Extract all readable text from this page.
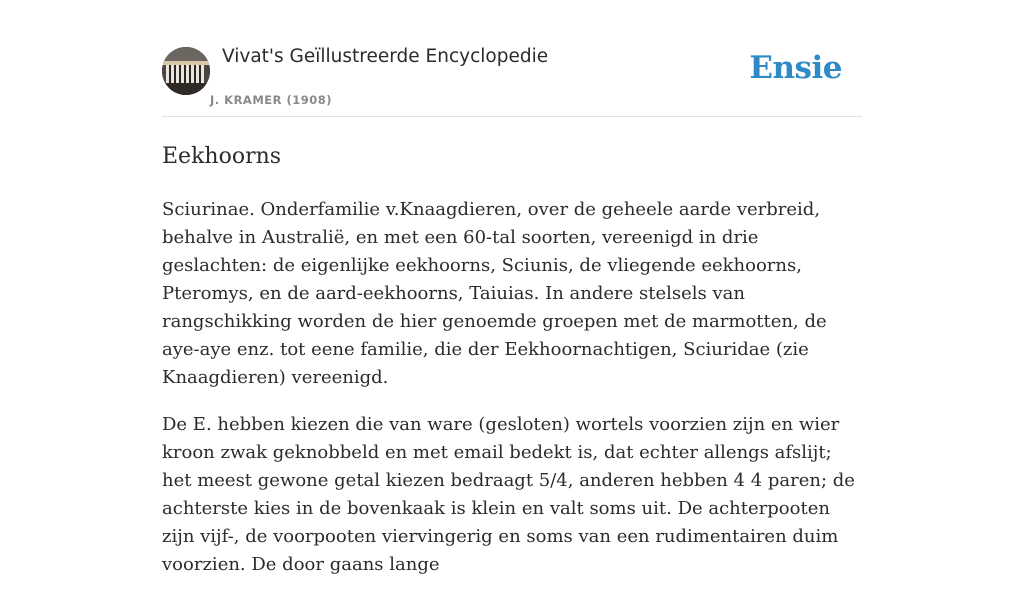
Vivat's Geïllustreerde Encyclopedie
J. KRAMER (1908)
Ensie
Eekhoorns

Sciurinae. Onderfamilie v.Knaagdieren, over de geheele aarde verbreid, behalve in Australië, en met een 60-tal soorten, vereenigd in drie geslachten: de eigenlijke eekhoorns, Sciunis, de vliegende eekhoorns, Pteromys, en de aard-eekhoorns, Taiuias. In andere stelsels van rangschikking worden de hier genoemde groepen met de marmotten, de aye-aye enz. tot eene familie, die der Eekhoornachtigen, Sciuridae (zie Knaagdieren) vereenigd.

De E. hebben kiezen die van ware (gesloten) wortels voorzien zijn en wier kroon zwak geknobbeld en met email bedekt is, dat echter allengs afslijt; het meest gewone getal kiezen bedraagt 5/4, anderen hebben 4 4 paren; de achterste kies in de bovenkaak is klein en valt soms uit. De achterpooten zijn vijf-, de voorpooten viervingerig en soms van een rudimentairen duim voorzien. De door gaans lange
